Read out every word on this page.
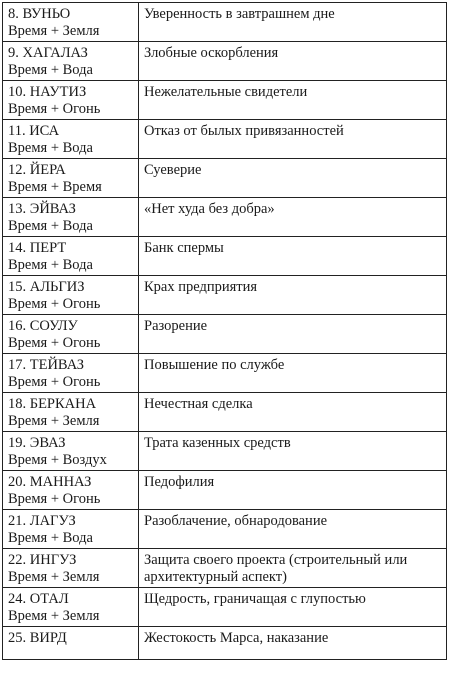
8. ВУНЬО
Время + Земля	Уверенность в завтрашнем дне

9. ХАГАЛАЗ
Время + Вода	Злобные оскорбления

10. НАУТИЗ
Время + Огонь	Нежелательные свидетели

11. ИСА
Время + Вода	Отказ от былых привязанностей

12. ЙЕРА
Время + Время	Суеверие

13. ЭЙВАЗ
Время + Вода	«Нет худа без добра»

14. ПЕРТ
Время + Вода	Банк спермы

15. АЛЬГИЗ
Время + Огонь	Крах предприятия

16. СОУЛУ
Время + Огонь	Разорение

17. ТЕЙВАЗ
Время + Огонь	Повышение по службе

18. БЕРКАНА
Время + Земля	Нечестная сделка

19. ЭВАЗ
Время + Воздух	Трата казенных средств

20. МАННАЗ
Время + Огонь	Педофилия

21. ЛАГУЗ
Время + Вода	Разоблачение, обнародование

22. ИНГУЗ
Время + Земля	Защита своего проекта (строительный или архитектурный аспект)

24. ОТАЛ
Время + Земля	Щедрость, граничащая с глупостью

25. ВИРД	Жестокость Марса, наказание
